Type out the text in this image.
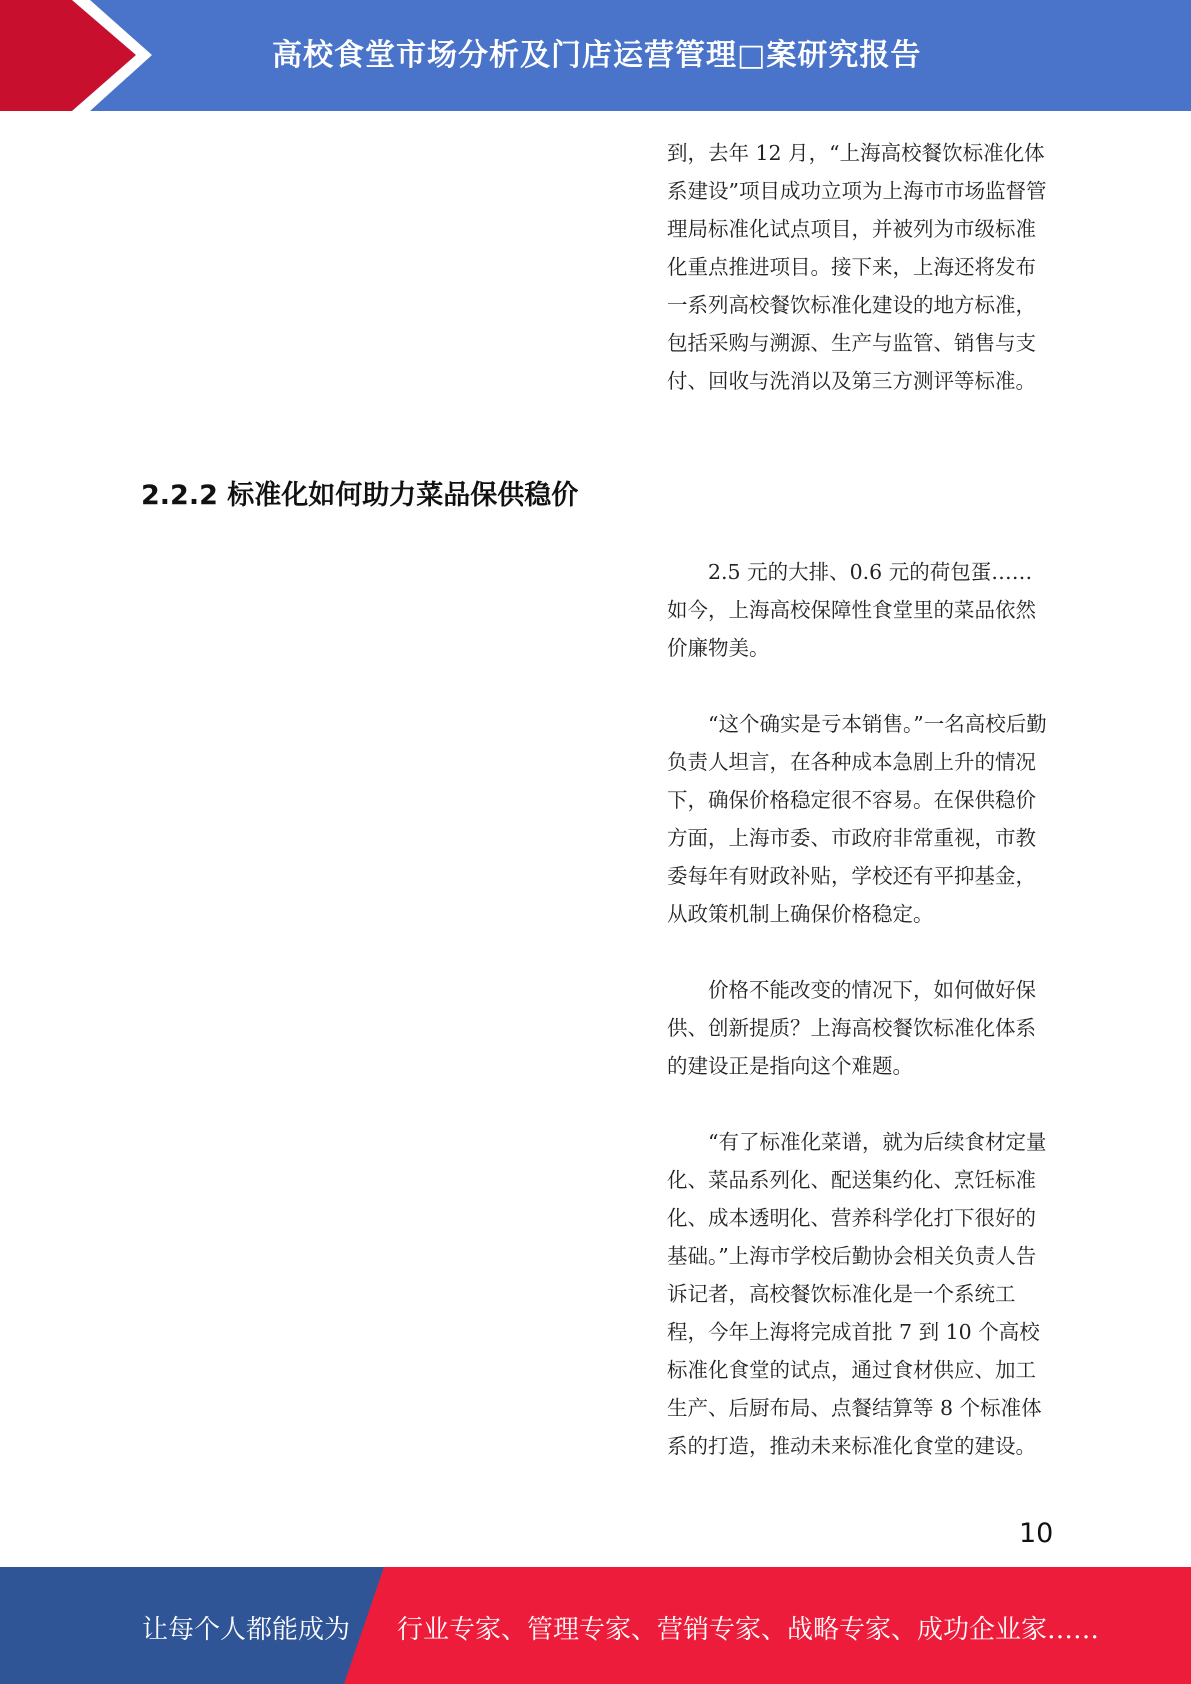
高校食堂市场分析及门店运营管理□案研究报告

到，去年 12 月，“上海高校餐饮标准化体系建设”项目成功立项为上海市市场监督管理局标准化试点项目，并被列为市级标准化重点推进项目。接下来，上海还将发布一系列高校餐饮标准化建设的地方标准，包括采购与溯源、生产与监管、销售与支付、回收与洗消以及第三方测评等标准。

2.2.2 标准化如何助力菜品保供稳价

2.5 元的大排、0.6 元的荷包蛋……如今，上海高校保障性食堂里的菜品依然价廉物美。

“这个确实是亏本销售。”一名高校后勤负责人坦言，在各种成本急剧上升的情况下，确保价格稳定很不容易。在保供稳价方面，上海市委、市政府非常重视，市教委每年有财政补贴，学校还有平抑基金，从政策机制上确保价格稳定。

价格不能改变的情况下，如何做好保供、创新提质？上海高校餐饮标准化体系的建设正是指向这个难题。

“有了标准化菜谱，就为后续食材定量化、菜品系列化、配送集约化、烹饪标准化、成本透明化、营养科学化打下很好的基础。”上海市学校后勤协会相关负责人告诉记者，高校餐饮标准化是一个系统工程，今年上海将完成首批 7 到 10 个高校标准化食堂的试点，通过食材供应、加工生产、后厨布局、点餐结算等 8 个标准体系的打造，推动未来标准化食堂的建设。

10
让每个人都能成为 行业专家、管理专家、营销专家、战略专家、成功企业家……
